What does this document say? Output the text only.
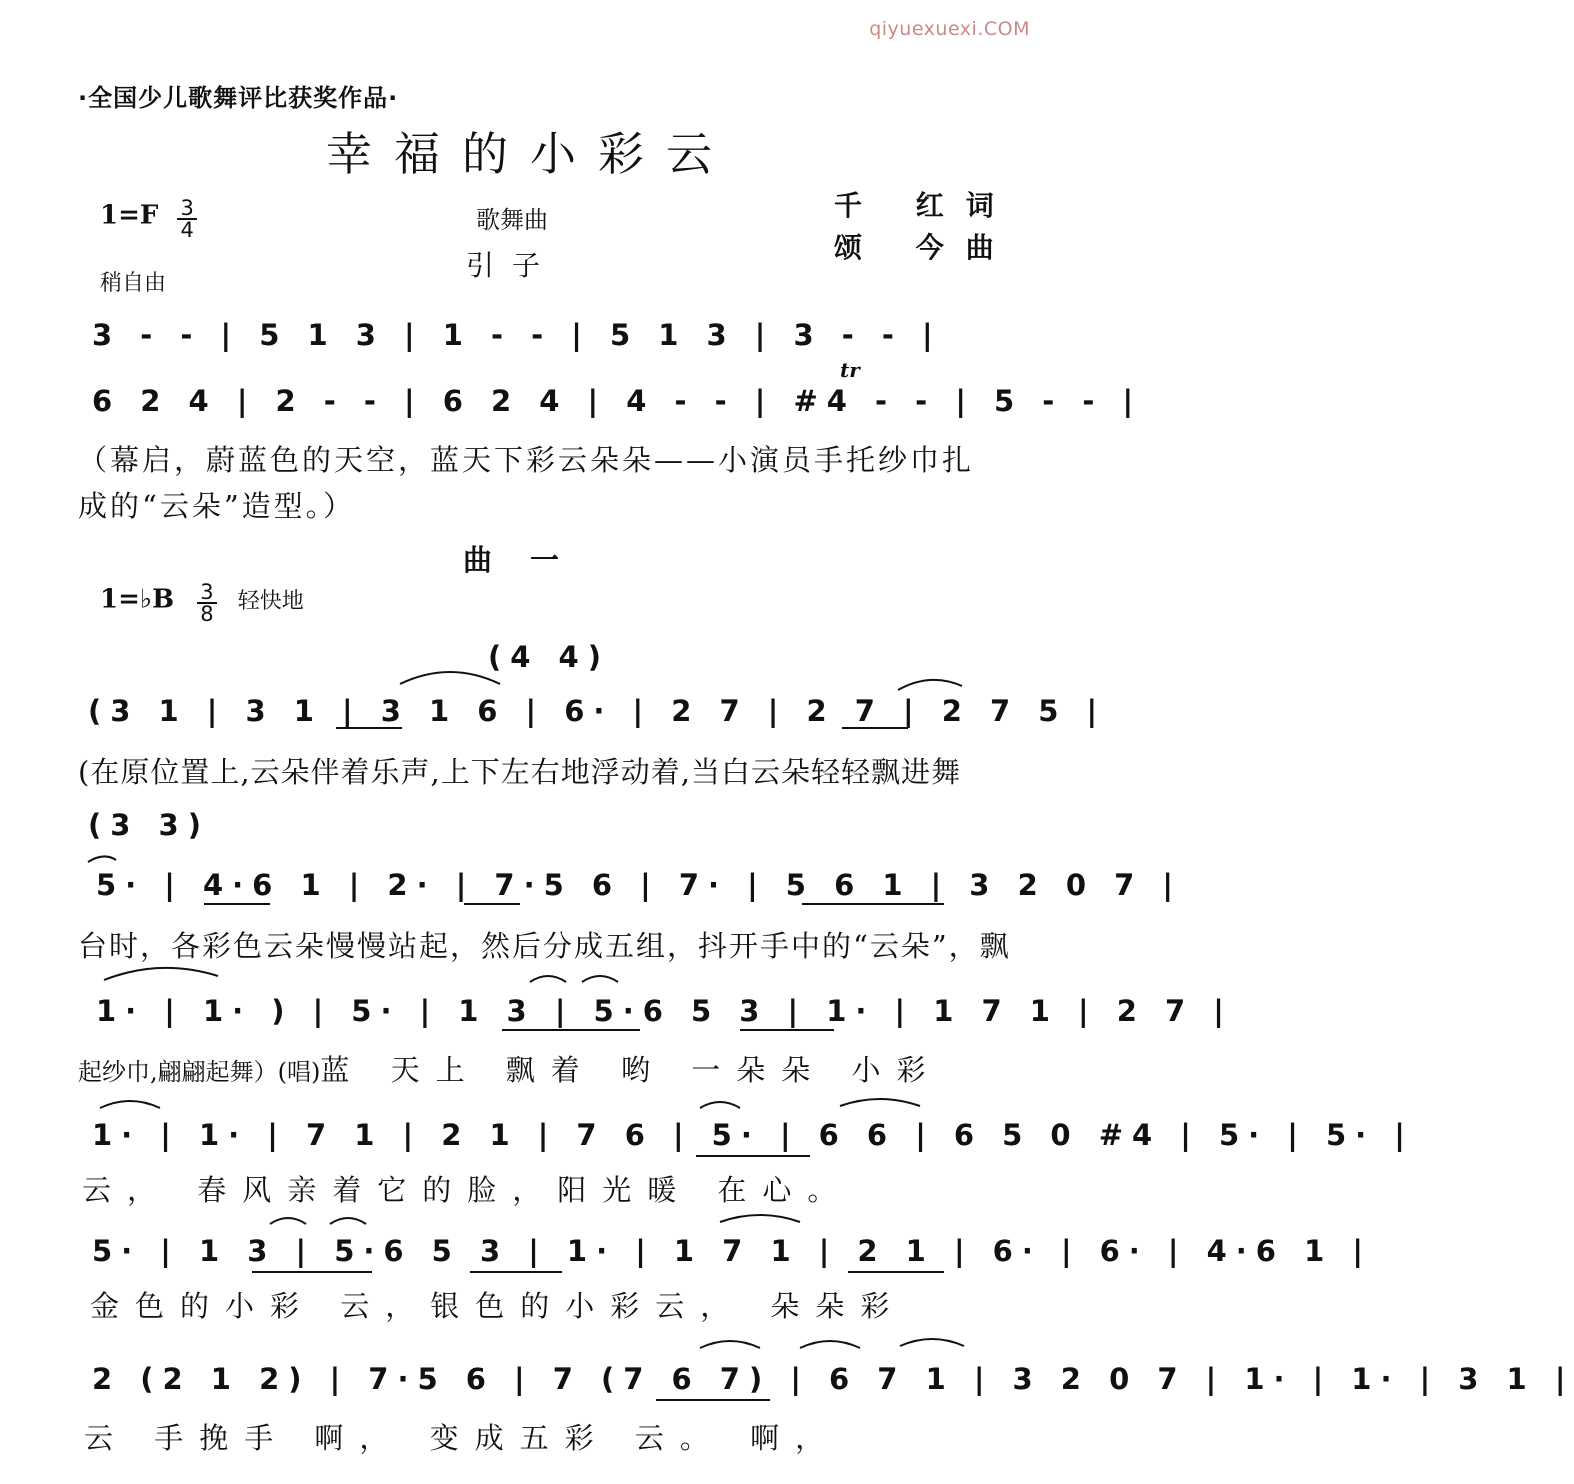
qiyuexuexi.COM
·全国少儿歌舞评比获奖作品·
幸福的小彩云
$1=F \frac{3}{4}$	歌舞曲
引子
千 红词
颂 今曲
稍自由
3 - - | 5 1 3 | 1 - - | 5 1 3 | 3 - - |
tr
6 2 4 | 2 - - | 6 2 4 | 4 - - | #4 - - | 5 - - |
（幕启，蔚蓝色的天空，蓝天下彩云朵朵——小演员手托纱巾扎
成的“云朵”造型。）
曲一
1=♭B $\frac{3}{8}$ 轻快地
(4 4)
(3 1 | 3 1 | 3 1 6 | 6· | 2 7 | 2 7 | 2 7 5 |
(在原位置上,云朵伴着乐声,上下左右地浮动着,当白云朵轻轻飘进舞
(3 3)
5· | 4·6 1 | 2· | 7·5 6 | 7· | 5 6 1 | 3 2 0 7 |
台时，各彩色云朵慢慢站起，然后分成五组，抖开手中的“云朵”，飘
1· | 1· ) | 5· | 1 3 | 5·6 5 3 | 1· | 1 7 1 | 2 7 |
起纱巾,翩翩起舞）(唱)蓝 天上 飘着 哟 一朵朵 小彩
1· | 1· | 7 1 | 2 1 | 7 6 | 5· | 6 6 | 6 5 0 #4 | 5· | 5· |
云， 春风亲着它的脸，阳光暖 在心。
5· | 1 3 | 5·6 5 3 | 1· | 1 7 1 | 2 1 | 6· | 6· | 4·6 1 |
金色的小彩 云，银色的小彩云， 朵朵彩
2 (2 1 2) | 7·5 6 | 7 (7 6 7) | 6 7 1 | 3 2 0 7 | 1· | 1· | 3 1 |
云 手挽手 啊， 变成五彩 云。 啊，
